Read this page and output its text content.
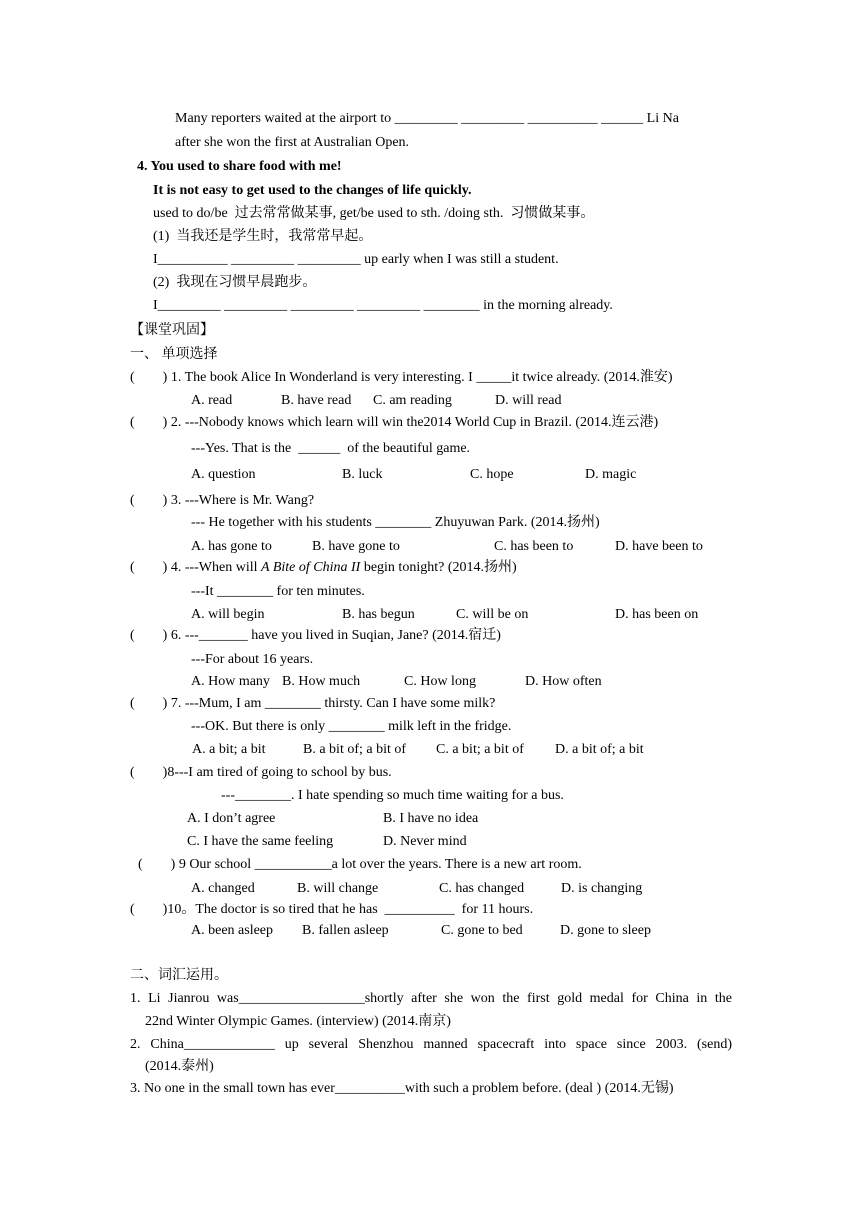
Many reporters waited at the airport to _________ _________ __________ ______ Li Na
after she won the first at Australian Open.
4. You used to share food with me!
It is not easy to get used to the changes of life quickly.
used to do/be  过去常常做某事, get/be used to sth. /doing sth.  习惯做某事。
(1)  当我还是学生时，我常常早起。
I__________ _________ _________ up early when I was still a student.
(2)  我现在习惯早晨跑步。
I_________ _________ _________ _________ ________ in the morning already.
【课堂巩固】
一、 单项选择
(        ) 1. The book Alice In Wonderland is very interesting. I _____it twice already. (2014.淮安)
A. read	B. have read C. am reading	D. will read
(        ) 2. ---Nobody knows which learn will win the2014 World Cup in Brazil. (2014.连云港)
---Yes. That is the  ______  of the beautiful game.
A. question	B. luck	C. hope	D. magic
(        ) 3. ---Where is Mr. Wang?
--- He together with his students ________ Zhuyuwan Park. (2014.扬州)
A. has gone to	B. have gone to	C. has been to	D. have been to
(        ) 4. ---When will A Bite of China II begin tonight? (2014.扬州)
---It ________ for ten minutes.
A. will begin	B. has begun	C. will be on	D. has been on
(        ) 6. ---_______ have you lived in Suqian, Jane? (2014.宿迁)
---For about 16 years.
A. How many B. How much	C. How long	D. How often
(        ) 7. ---Mum, I am ________ thirsty. Can I have some milk?
---OK. But there is only ________ milk left in the fridge.
A. a bit; a bit	B. a bit of; a bit of C. a bit; a bit of D. a bit of; a bit
(        )8---I am tired of going to school by bus.
---________. I hate spending so much time waiting for a bus.
A. I don’t agree	B. I have no idea
C. I have the same feeling	D. Never mind
(        ) 9 Our school ___________a lot over the years. There is a new art room.
A. changed	B. will change	C. has changed	D. is changing
(        )10。The doctor is so tired that he has  __________  for 11 hours.
A. been asleep B. fallen asleep	C. gone to bed	D. gone to sleep
二、词汇运用。
1. Li Jianrou was__________________shortly after she won the first gold medal for China in the
22nd Winter Olympic Games. (interview) (2014.南京)
2. China_____________ up several Shenzhou manned spacecraft into space since 2003. (send)
(2014.泰州)
3. No one in the small town has ever__________with such a problem before. (deal ) (2014.无锡)
